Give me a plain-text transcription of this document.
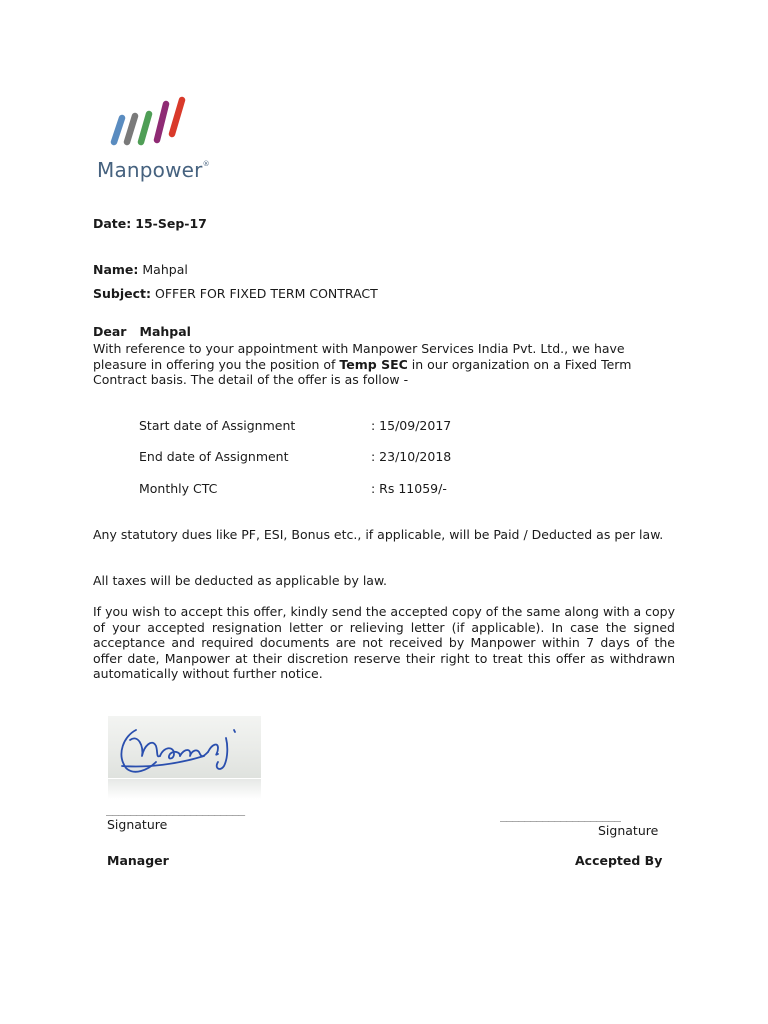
Manpower®
Date: 15-Sep-17
Name: Mahpal
Subject: OFFER FOR FIXED TERM CONTRACT
Dear Mahpal
With reference to your appointment with Manpower Services India Pvt. Ltd., we have pleasure in offering you the position of Temp SEC in our organization on a Fixed Term Contract basis. The detail of the offer is as follow -
Start date of Assignment	: 15/09/2017
End date of Assignment	: 23/10/2018
Monthly CTC	: Rs 11059/-
Any statutory dues like PF, ESI, Bonus etc., if applicable, will be Paid / Deducted as per law.
All taxes will be deducted as applicable by law.
If you wish to accept this offer, kindly send the accepted copy of the same along with a copy of your accepted resignation letter or relieving letter (if applicable). In case the signed acceptance and required documents are not received by Manpower within 7 days of the offer date, Manpower at their discretion reserve their right to treat this offer as withdrawn automatically without further notice.
_______________________
Signature
Manager
____________________
Signature
Accepted By
